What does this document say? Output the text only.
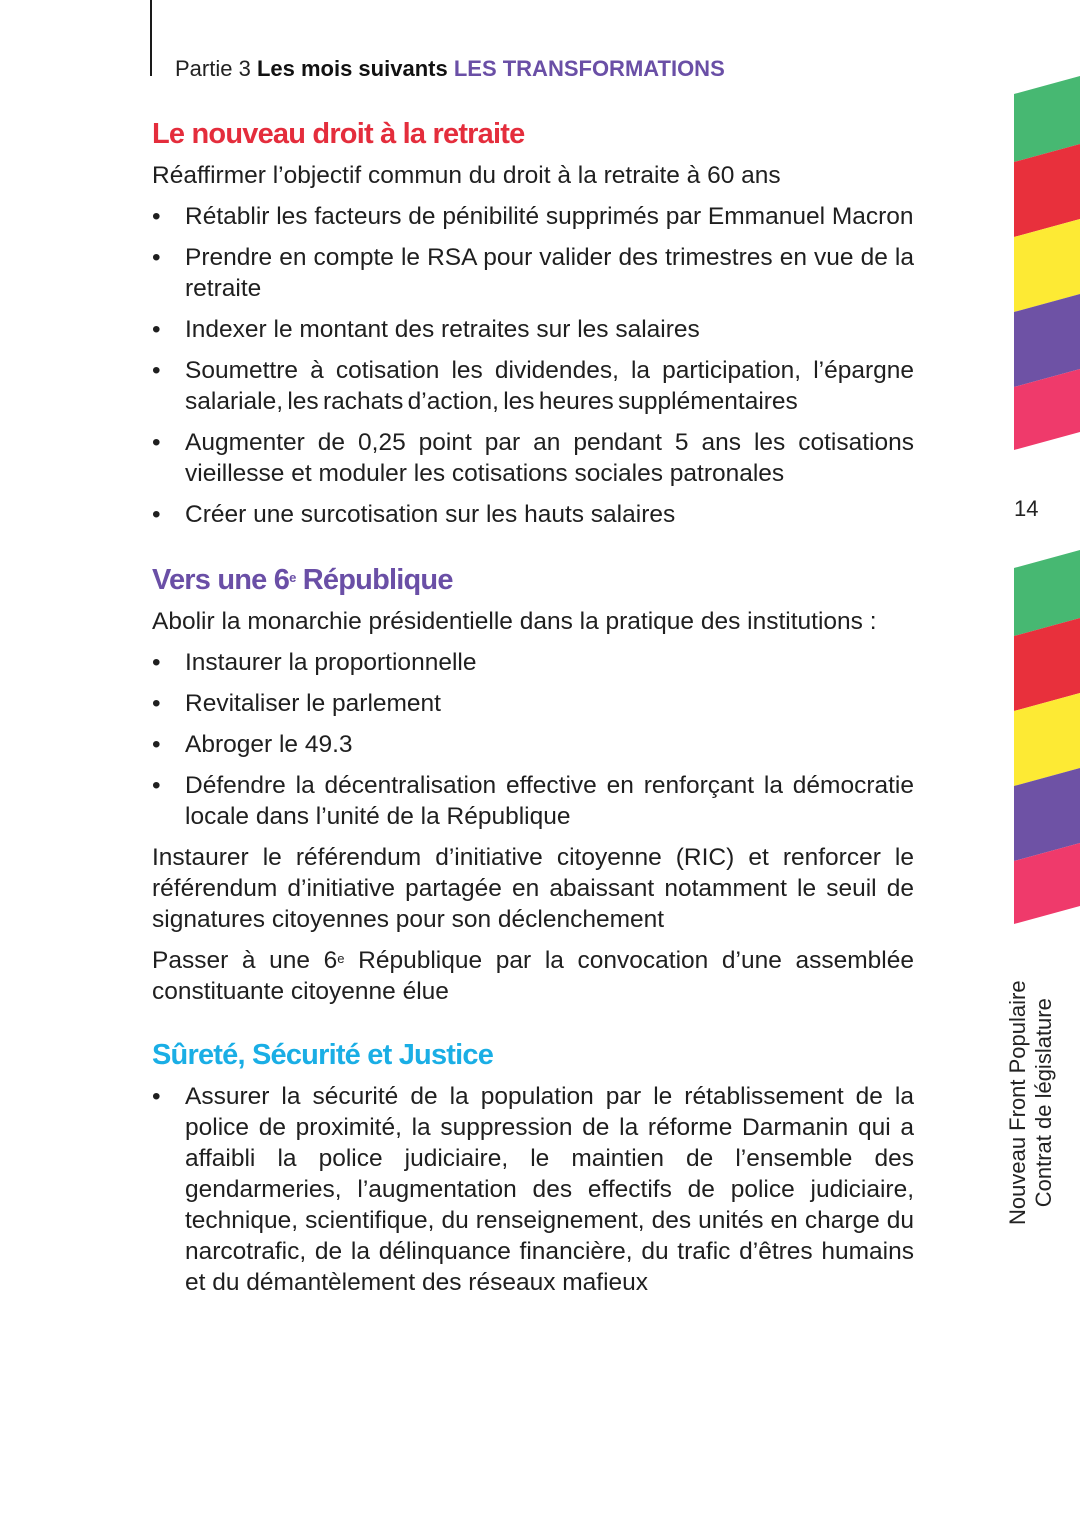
Partie 3 Les mois suivants LES TRANSFORMATIONS
Le nouveau droit à la retraite

Réaffirmer l’objectif commun du droit à la retraite à 60 ans

• Rétablir les facteurs de pénibilité supprimés par Emmanuel Macron
• Prendre en compte le RSA pour valider des trimestres en vue de la retraite
• Indexer le montant des retraites sur les salaires
• Soumettre à cotisation les dividendes, la participation, l’épargne salariale, les rachats d’action, les heures supplémentaires
• Augmenter de 0,25 point par an pendant 5 ans les cotisations vieillesse et moduler les cotisations sociales patronales
• Créer une surcotisation sur les hauts salaires
Vers une 6e République

Abolir la monarchie présidentielle dans la pratique des institutions :

• Instaurer la proportionnelle
• Revitaliser le parlement
• Abroger le 49.3
• Défendre la décentralisation effective en renforçant la démocratie locale dans l’unité de la République

Instaurer le référendum d’initiative citoyenne (RIC) et renforcer le référendum d’initiative partagée en abaissant notamment le seuil de signatures citoyennes pour son déclenchement

Passer à une 6e République par la convocation d’une assemblée constituante citoyenne élue

Sûreté, Sécurité et Justice
• Assurer la sécurité de la population par le rétablissement de la police de proximité, la suppression de la réforme Darmanin qui a affaibli la police judiciaire, le maintien de l’ensemble des gendarmeries, l’augmentation des effectifs de police judiciaire, technique, scientifique, du renseignement, des unités en charge du narcotrafic, de la délinquance financière, du trafic d’êtres humains et du démantèlement des réseaux mafieux
14
Nouveau Front Populaire Contrat de législature
